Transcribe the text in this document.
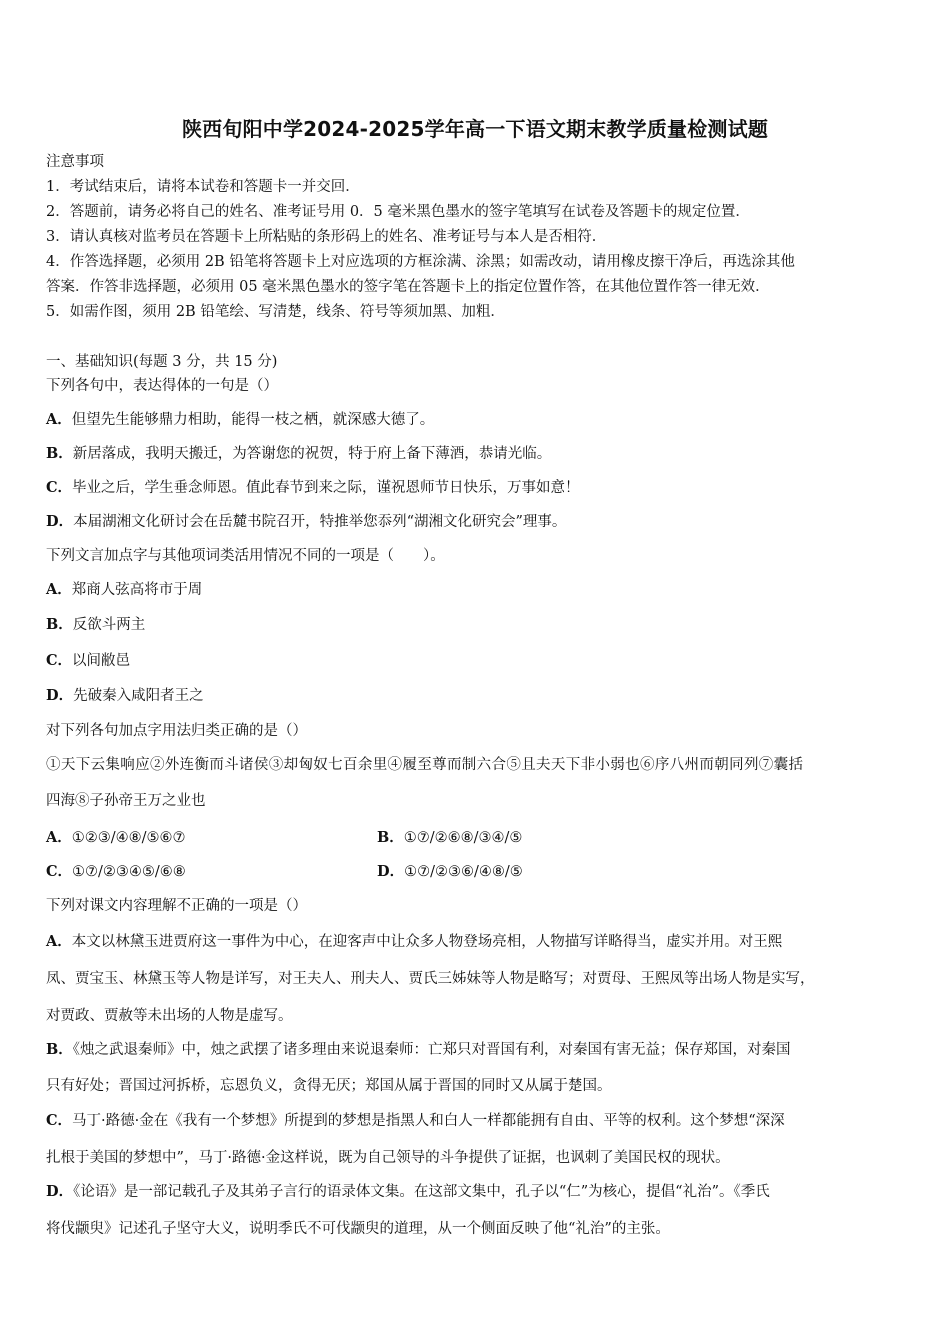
陕西旬阳中学2024-2025学年高一下语文期末教学质量检测试题
注意事项
1．考试结束后，请将本试卷和答题卡一并交回．
2．答题前，请务必将自己的姓名、准考证号用 0．5 毫米黑色墨水的签字笔填写在试卷及答题卡的规定位置．
3．请认真核对监考员在答题卡上所粘贴的条形码上的姓名、准考证号与本人是否相符．
4．作答选择题，必须用 2B 铅笔将答题卡上对应选项的方框涂满、涂黑；如需改动，请用橡皮擦干净后，再选涂其他
答案．作答非选择题，必须用 05 毫米黑色墨水的签字笔在答题卡上的指定位置作答，在其他位置作答一律无效．
5．如需作图，须用 2B 铅笔绘、写清楚，线条、符号等须加黑、加粗．
一、基础知识(每题 3 分，共 15 分)
下列各句中，表达得体的一句是（）
A．但望先生能够鼎力相助，能得一枝之栖，就深感大德了。
B．新居落成，我明天搬迁，为答谢您的祝贺，特于府上备下薄酒，恭请光临。
C．毕业之后，学生垂念师恩。值此春节到来之际，谨祝恩师节日快乐，万事如意！
D．本届湖湘文化研讨会在岳麓书院召开，特推举您忝列“湖湘文化研究会”理事。
下列文言加点字与其他项词类活用情况不同的一项是（　　）。
A．郑商人弦高将市于周
B．反欲斗两主
C．以间敝邑
D．先破秦入咸阳者王之
对下列各句加点字用法归类正确的是（）
①天下云集响应②外连衡而斗诸侯③却匈奴七百余里④履至尊而制六合⑤且夫天下非小弱也⑥序八州而朝同列⑦囊括
四海⑧子孙帝王万之业也
A．①②③/④⑧/⑤⑥⑦	B．①⑦/②⑥⑧/③④/⑤
C．①⑦/②③④⑤/⑥⑧	D．①⑦/②③⑥/④⑧/⑤
下列对课文内容理解不正确的一项是（）
A．本文以林黛玉进贾府这一事件为中心，在迎客声中让众多人物登场亮相，人物描写详略得当，虚实并用。对王熙
凤、贾宝玉、林黛玉等人物是详写，对王夫人、刑夫人、贾氏三姊妹等人物是略写；对贾母、王熙凤等出场人物是实写，
对贾政、贾赦等未出场的人物是虚写。
B．《烛之武退秦师》中，烛之武摆了诸多理由来说退秦师：亡郑只对晋国有利，对秦国有害无益；保存郑国，对秦国
只有好处；晋国过河拆桥，忘恩负义，贪得无厌；郑国从属于晋国的同时又从属于楚国。
C．马丁·路德·金在《我有一个梦想》所提到的梦想是指黑人和白人一样都能拥有自由、平等的权利。这个梦想“深深
扎根于美国的梦想中”，马丁·路德·金这样说，既为自己领导的斗争提供了证据，也讽刺了美国民权的现状。
D．《论语》是一部记载孔子及其弟子言行的语录体文集。在这部文集中，孔子以“仁”为核心，提倡“礼治”。《季氏
将伐颛臾》记述孔子坚守大义，说明季氏不可伐颛臾的道理，从一个侧面反映了他“礼治”的主张。
